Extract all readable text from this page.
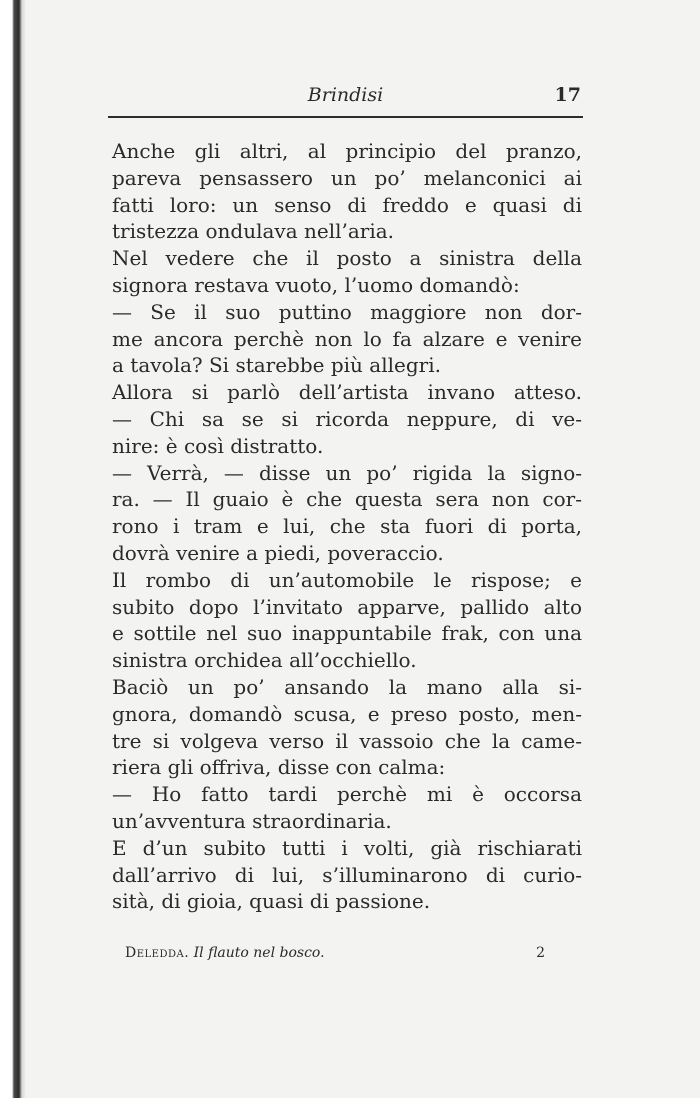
Brindisi	17
Anche gli altri, al principio del pranzo,
pareva pensassero un po’ melanconici ai
fatti loro: un senso di freddo e quasi di
tristezza ondulava nell’aria.
Nel vedere che il posto a sinistra della
signora restava vuoto, l’uomo domandò:
— Se il suo puttino maggiore non dor-
me ancora perchè non lo fa alzare e venire
a tavola? Si starebbe più allegri.
Allora si parlò dell’artista invano atteso.
— Chi sa se si ricorda neppure, di ve-
nire: è così distratto.
— Verrà, — disse un po’ rigida la signo-
ra. — Il guaio è che questa sera non cor-
rono i tram e lui, che sta fuori di porta,
dovrà venire a piedi, poveraccio.
Il rombo di un’automobile le rispose; e
subito dopo l’invitato apparve, pallido alto
e sottile nel suo inappuntabile frak, con una
sinistra orchidea all’occhiello.
Baciò un po’ ansando la mano alla si-
gnora, domandò scusa, e preso posto, men-
tre si volgeva verso il vassoio che la came-
riera gli offriva, disse con calma:
— Ho fatto tardi perchè mi è occorsa
un’avventura straordinaria.
E d’un subito tutti i volti, già rischiarati
dall’arrivo di lui, s’illuminarono di curio-
sità, di gioia, quasi di passione.
Deledda. Il flauto nel bosco.	2
